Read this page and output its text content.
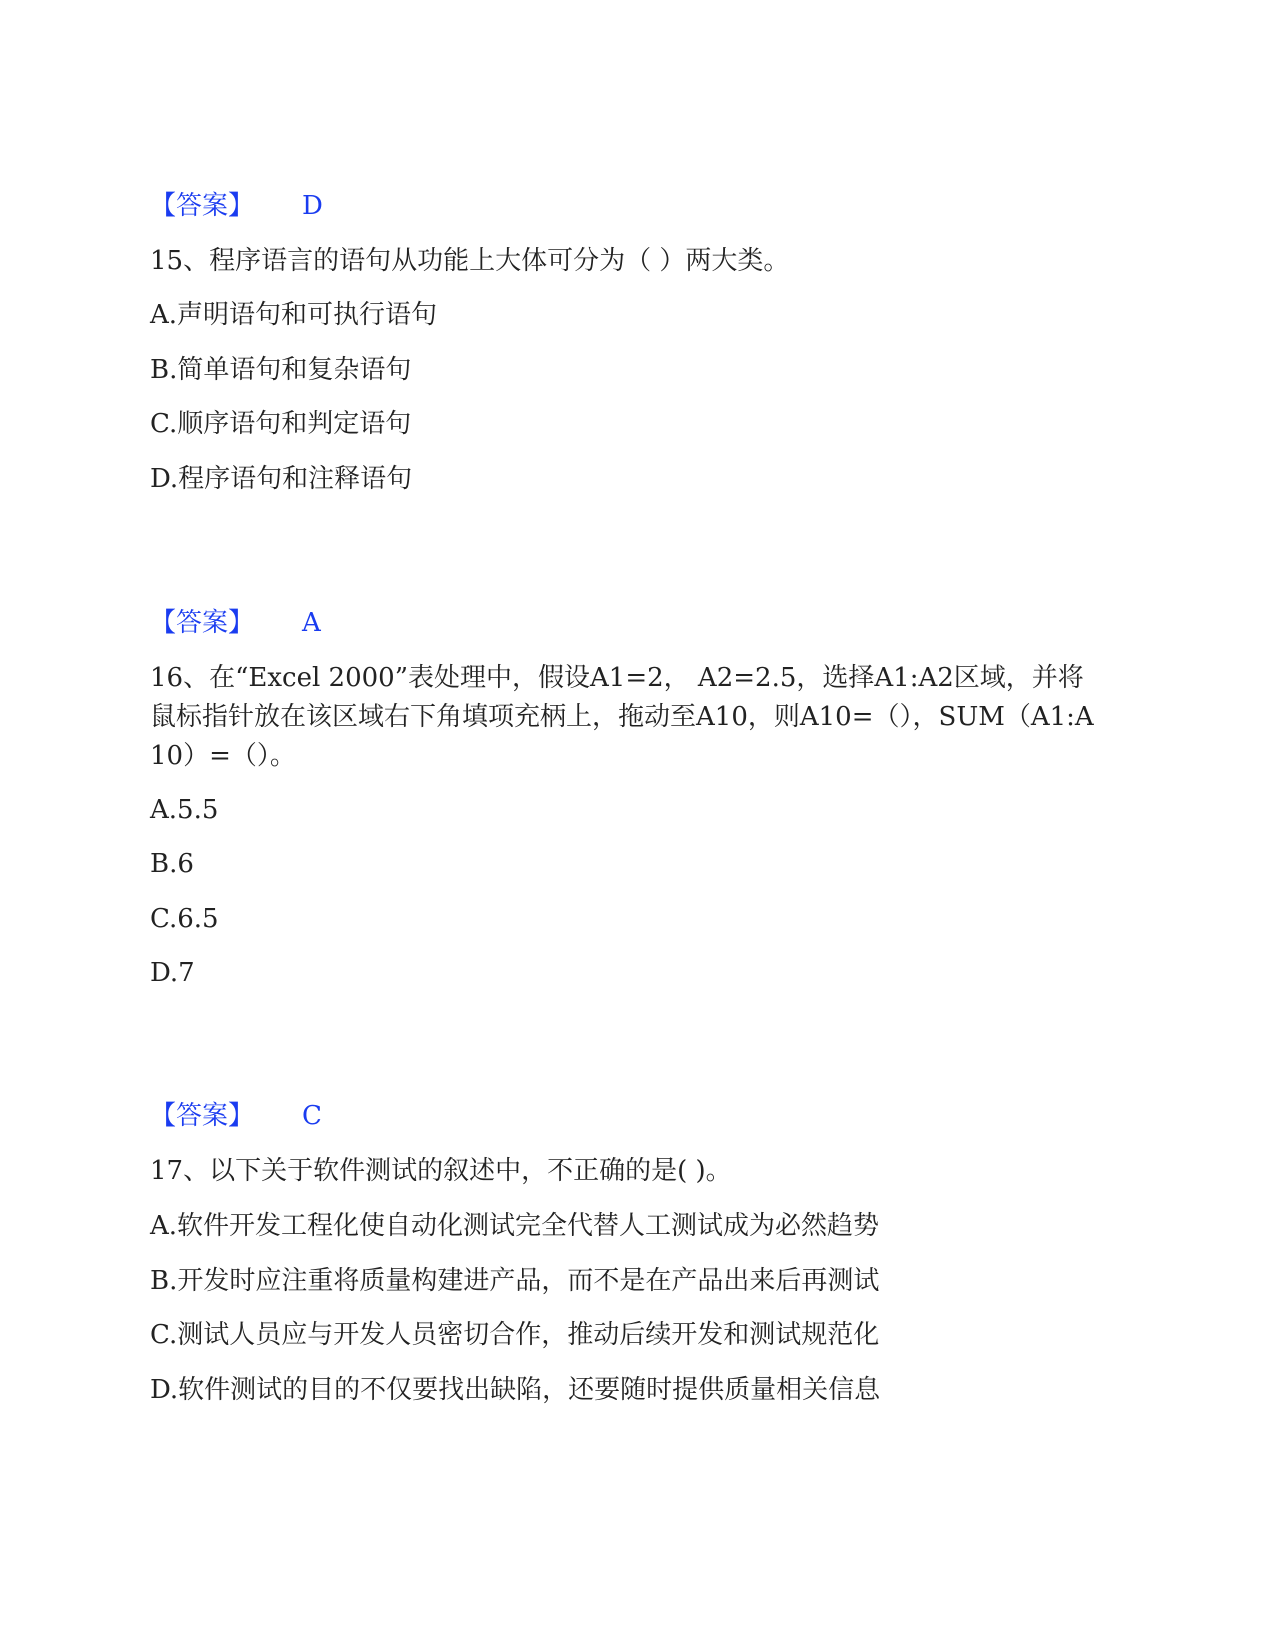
【答案】 D
15、程序语言的语句从功能上大体可分为（ ）两大类。
A.声明语句和可执行语句
B.简单语句和复杂语句
C.顺序语句和判定语句
D.程序语句和注释语句
【答案】 A
16、在“Excel 2000”表处理中，假设A1=2， A2=2.5，选择A1:A2区域，并将鼠标指针放在该区域右下角填项充柄上，拖动至A10，则A10=（），SUM（A1:A10）=（）。
A.5.5
B.6
C.6.5
D.7
【答案】 C
17、以下关于软件测试的叙述中，不正确的是( )。
A.软件开发工程化使自动化测试完全代替人工测试成为必然趋势
B.开发时应注重将质量构建进产品，而不是在产品出来后再测试
C.测试人员应与开发人员密切合作，推动后续开发和测试规范化
D.软件测试的目的不仅要找出缺陷，还要随时提供质量相关信息
